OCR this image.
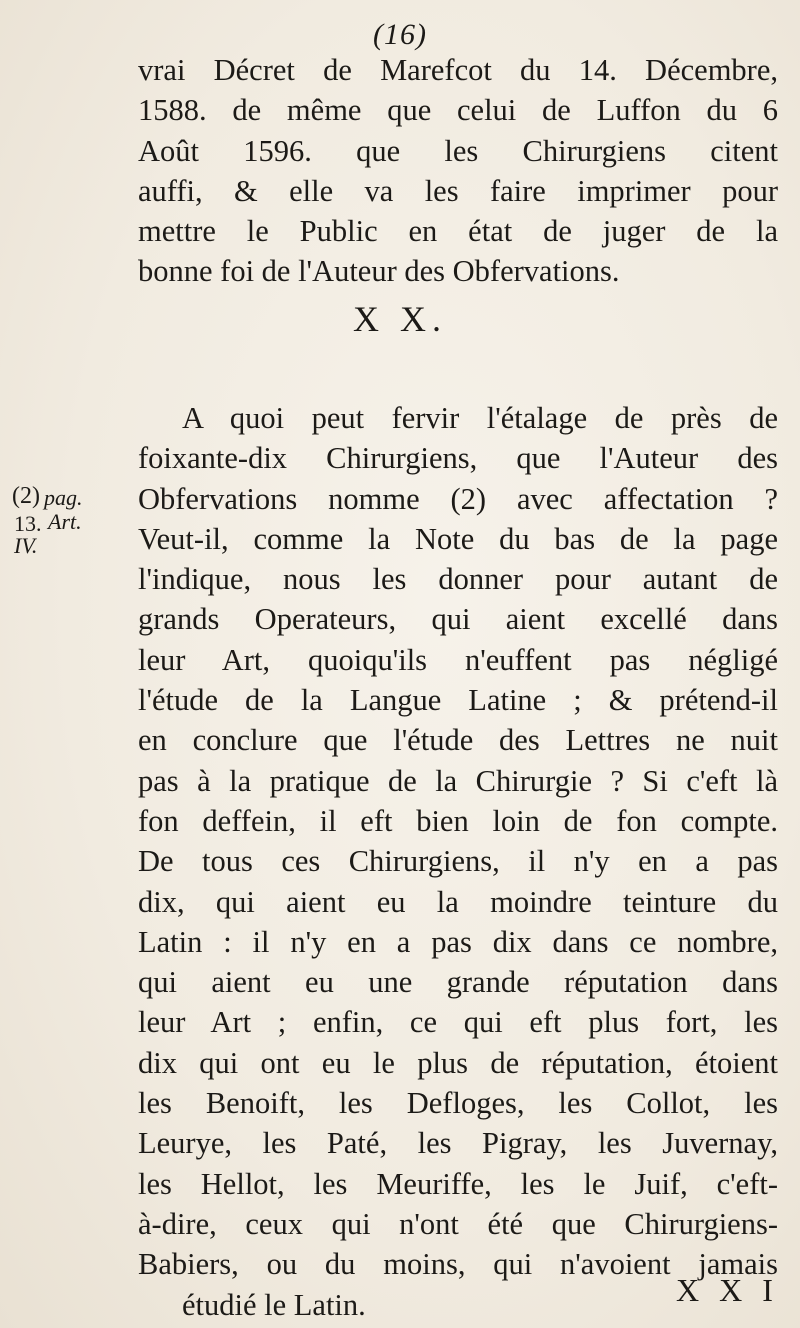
(16)
vrai Décret de Marefcot du 14. Décembre,
1588. de même que celui de Luffon du 6
Août 1596. que les Chirurgiens citent
auffi, & elle va les faire imprimer pour
mettre le Public en état de juger de la
bonne foi de l'Auteur des Obfervations.
X X.
(2) pag.
13. Art.
IV.
A quoi peut fervir l'étalage de près de
foixante-dix Chirurgiens, que l'Auteur des
Obfervations nomme (2) avec affectation ?
Veut-il, comme la Note du bas de la page
l'indique, nous les donner pour autant de
grands Operateurs, qui aient excellé dans
leur Art, quoiqu'ils n'euffent pas négligé
l'étude de la Langue Latine ; & prétend-il
en conclure que l'étude des Lettres ne nuit
pas à la pratique de la Chirurgie ? Si c'eft là
fon deffein, il eft bien loin de fon compte.
De tous ces Chirurgiens, il n'y en a pas
dix, qui aient eu la moindre teinture du
Latin : il n'y en a pas dix dans ce nombre,
qui aient eu une grande réputation dans
leur Art ; enfin, ce qui eft plus fort, les
dix qui ont eu le plus de réputation, étoient
les Benoift, les Defloges, les Collot, les
Leurye, les Paté, les Pigray, les Juvernay,
les Hellot, les Meuriffe, les le Juif, c'eft-
à-dire, ceux qui n'ont été que Chirurgiens-
Babiers, ou du moins, qui n'avoient jamais
étudié le Latin.	X X I
